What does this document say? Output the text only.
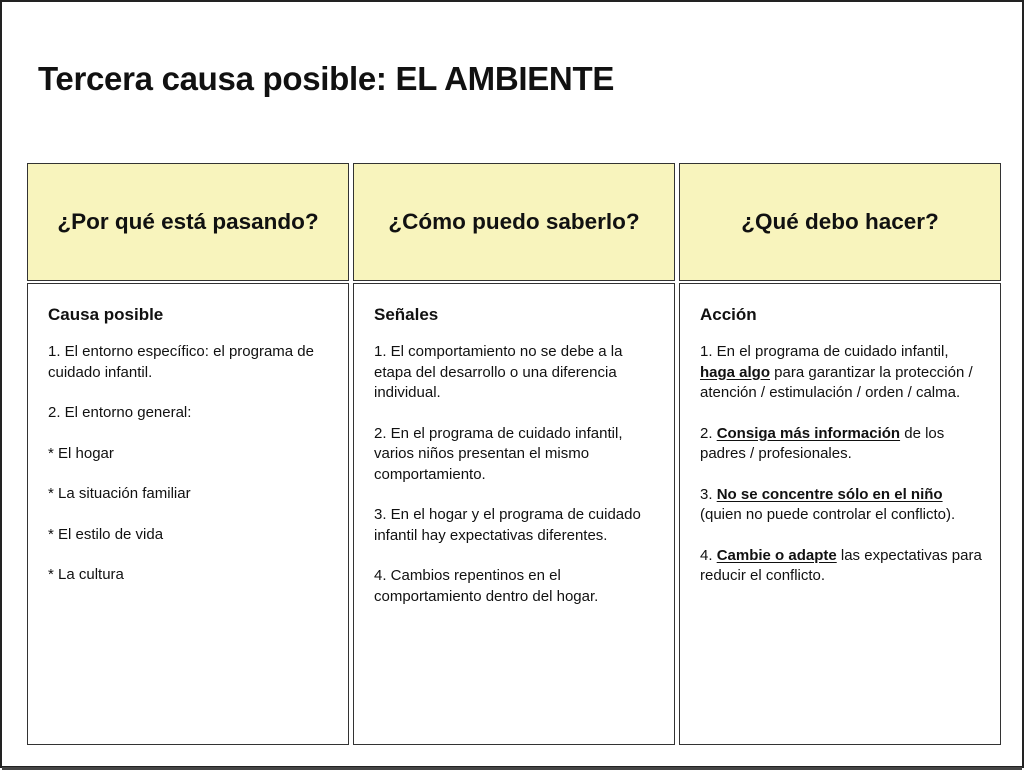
Tercera causa posible: EL AMBIENTE
¿Por qué está pasando?
Causa posible

1. El entorno específico: el programa de cuidado infantil.

2. El entorno general:

* El hogar

* La situación familiar

* El estilo de vida

* La cultura

¿Cómo puedo saberlo?
Señales

1. El comportamiento no se debe a la etapa del desarrollo o una diferencia individual.

2. En el programa de cuidado infantil, varios niños presentan el mismo comportamiento.

3. En el hogar y el programa de cuidado infantil hay expectativas diferentes.

4. Cambios repentinos en el comportamiento dentro del hogar.

¿Qué debo hacer?
Acción

1. En el programa de cuidado infantil, haga algo para garantizar la protección / atención / estimulación / orden / calma.

2. Consiga más información de los padres / profesionales.

3. No se concentre sólo en el niño (quien no puede controlar el conflicto).

4. Cambie o adapte las expectativas para reducir el conflicto.
